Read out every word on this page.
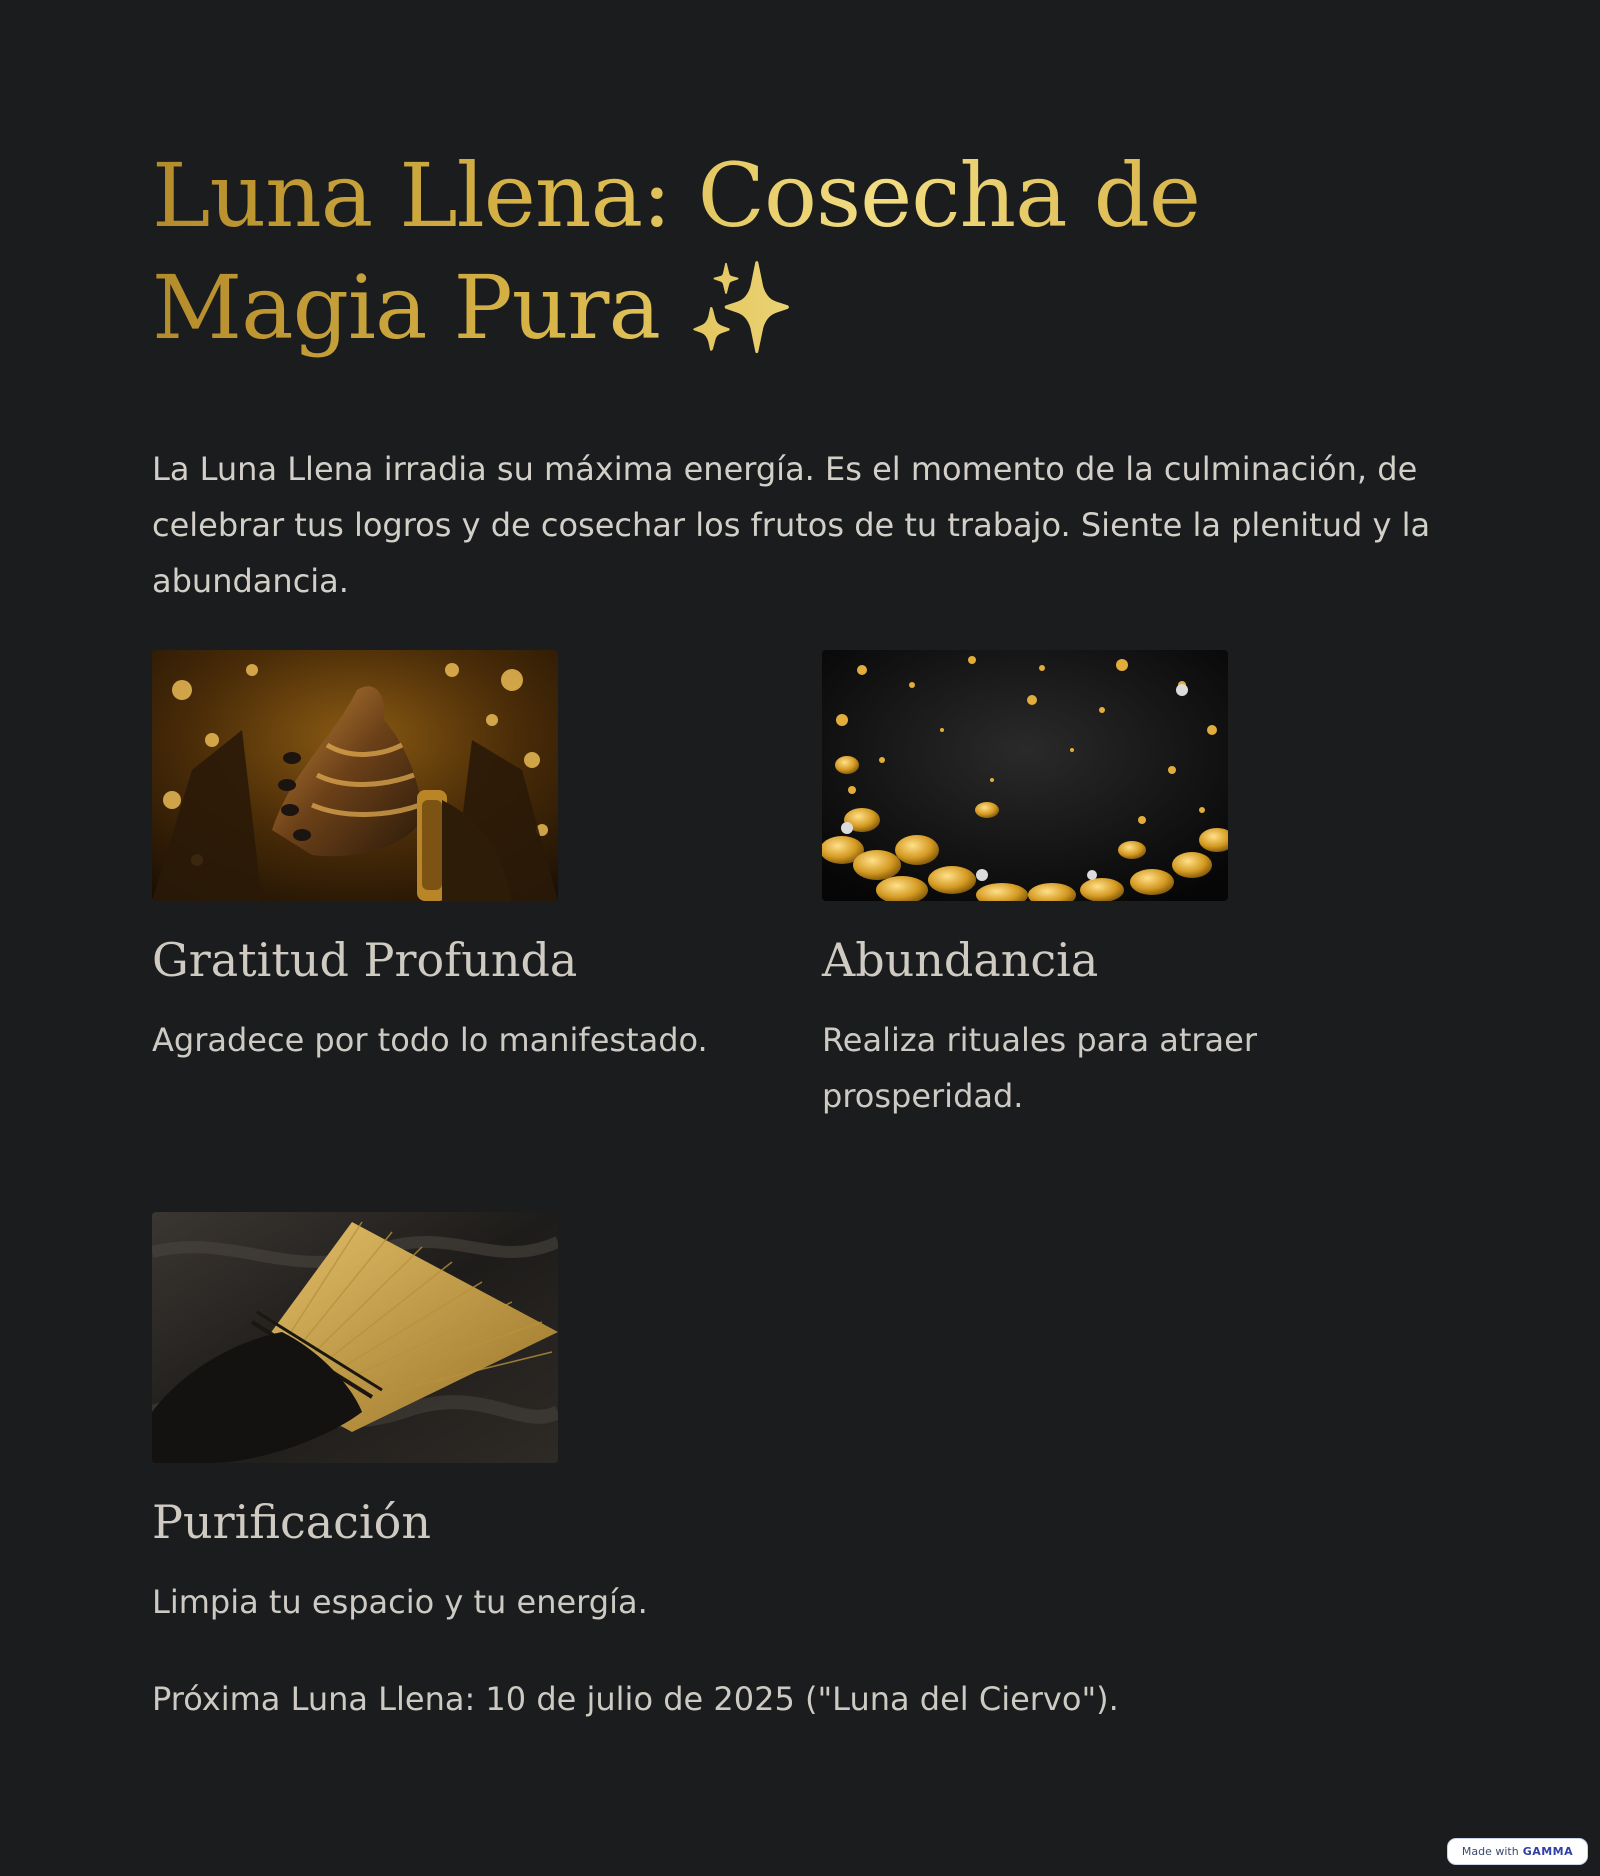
Luna Llena: Cosecha de Magia Pura ✨

La Luna Llena irradia su máxima energía. Es el momento de la culminación, de celebrar tus logros y de cosechar los frutos de tu trabajo. Siente la plenitud y la abundancia.

Gratitud Profunda

Agradece por todo lo manifestado.

Abundancia

Realiza rituales para atraer prosperidad.

Purificación

Limpia tu espacio y tu energía.

Próxima Luna Llena: 10 de julio de 2025 ("Luna del Ciervo").

Made with GAMMA
